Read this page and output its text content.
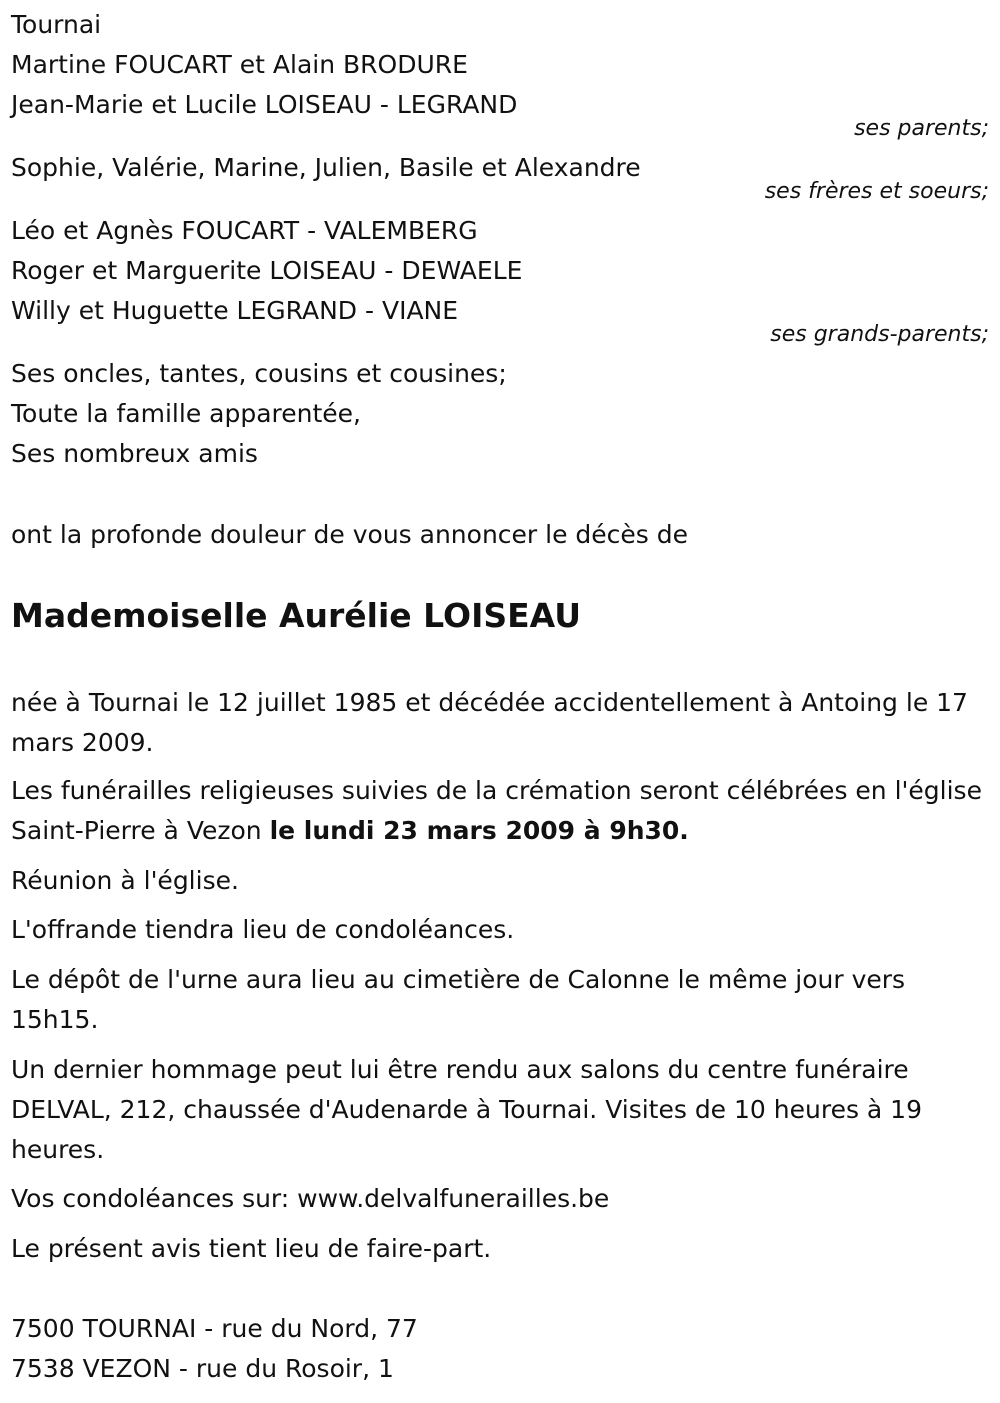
Tournai
Martine FOUCART et Alain BRODURE
Jean-Marie et Lucile LOISEAU - LEGRAND
ses parents;
Sophie, Valérie, Marine, Julien, Basile et Alexandre
ses frères et soeurs;
Léo et Agnès FOUCART - VALEMBERG
Roger et Marguerite LOISEAU - DEWAELE
Willy et Huguette LEGRAND - VIANE
ses grands-parents;
Ses oncles, tantes, cousins et cousines;
Toute la famille apparentée,
Ses nombreux amis
ont la profonde douleur de vous annoncer le décès de
Mademoiselle Aurélie LOISEAU
née à Tournai le 12 juillet 1985 et décédée accidentellement à Antoing le 17 mars 2009.
Les funérailles religieuses suivies de la crémation seront célébrées en l'église Saint-Pierre à Vezon le lundi 23 mars 2009 à 9h30.
Réunion à l'église.
L'offrande tiendra lieu de condoléances.
Le dépôt de l'urne aura lieu au cimetière de Calonne le même jour vers 15h15.
Un dernier hommage peut lui être rendu aux salons du centre funéraire DELVAL, 212, chaussée d'Audenarde à Tournai. Visites de 10 heures à 19 heures.
Vos condoléances sur: www.delvalfunerailles.be
Le présent avis tient lieu de faire-part.
7500 TOURNAI - rue du Nord, 77
7538 VEZON - rue du Rosoir, 1
